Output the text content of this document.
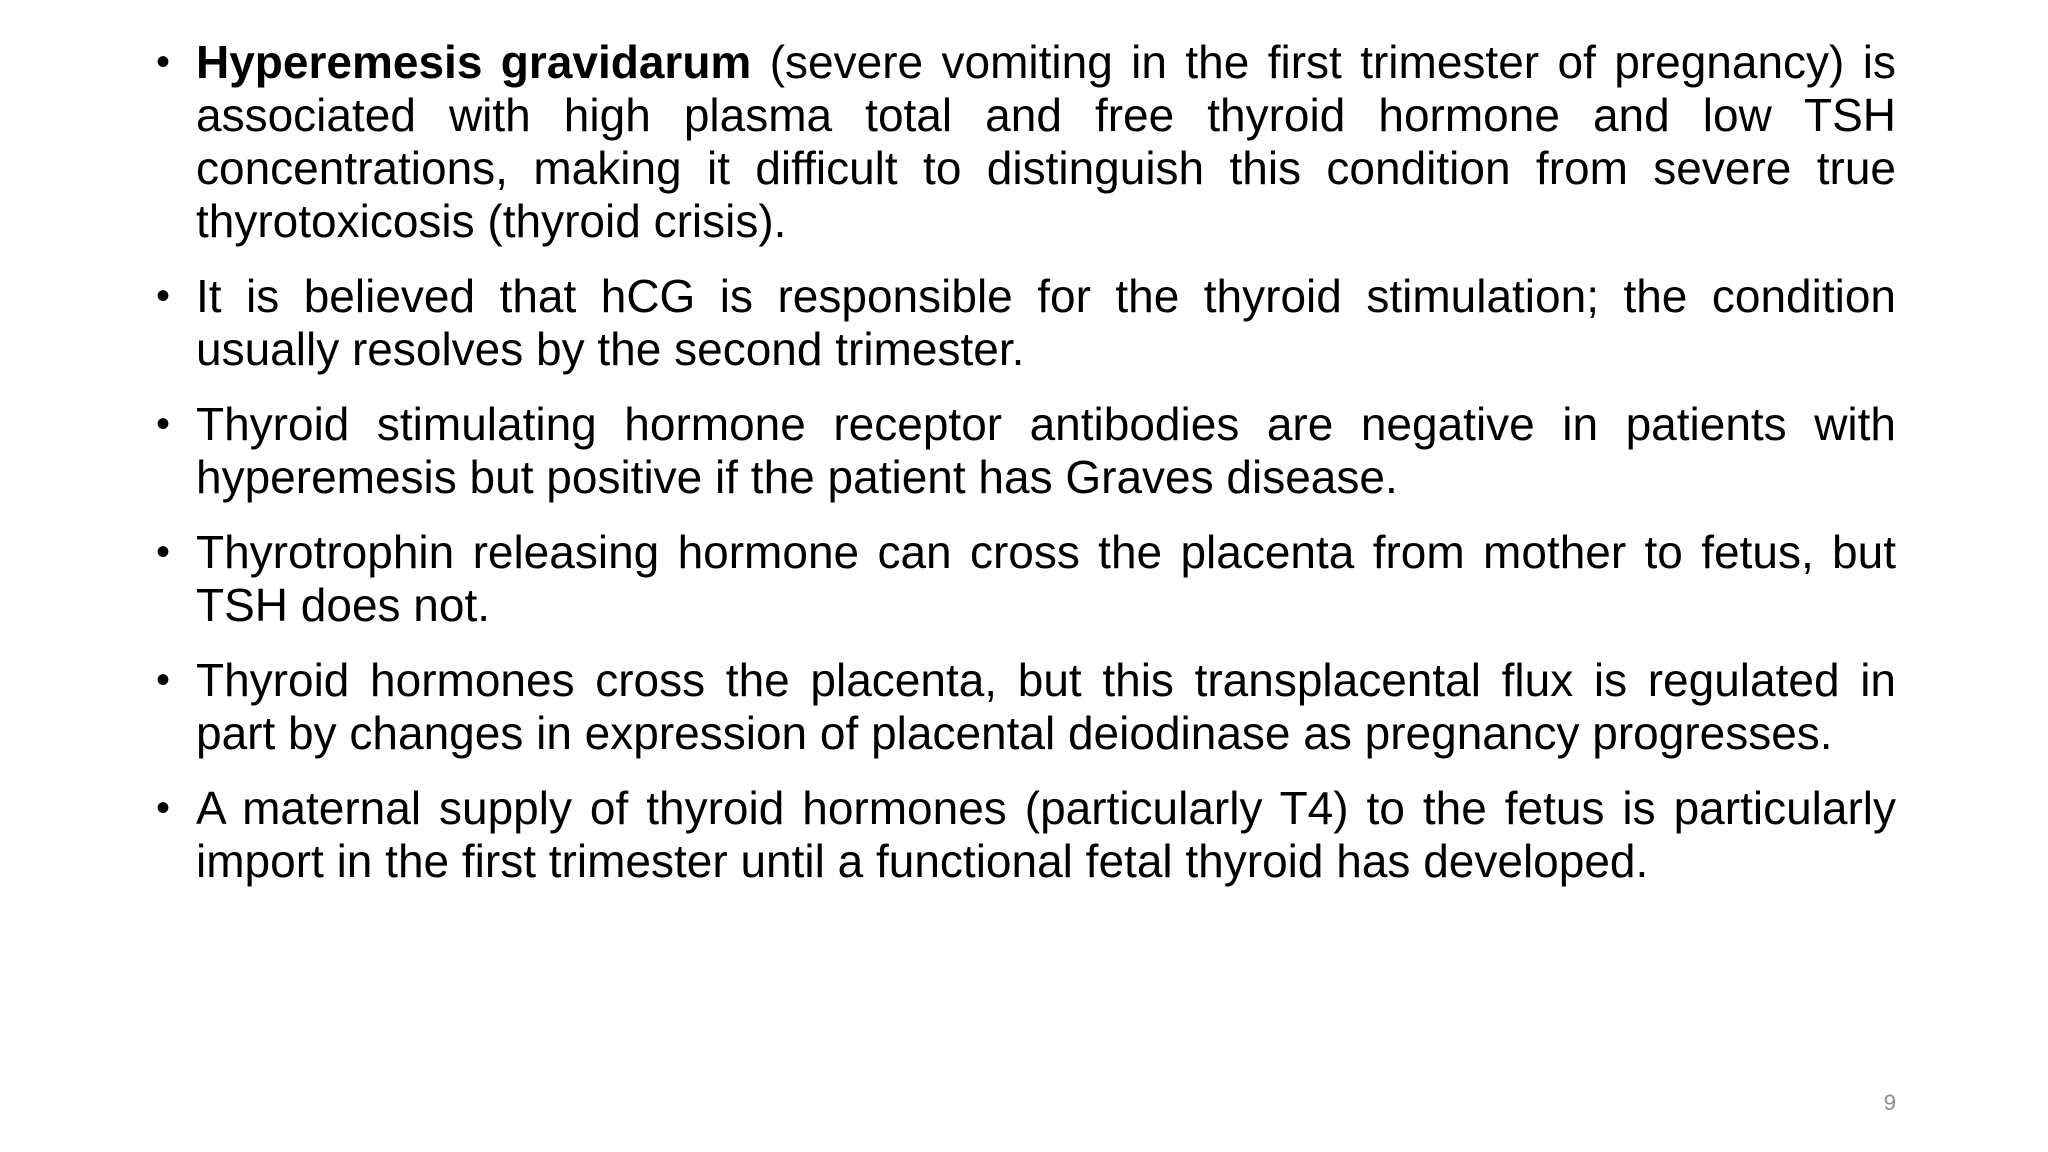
• Hyperemesis gravidarum (severe vomiting in the first trimester of pregnancy) is associated with high plasma total and free thyroid hormone and low TSH concentrations, making it difficult to distinguish this condition from severe true thyrotoxicosis (thyroid crisis).
• It is believed that hCG is responsible for the thyroid stimulation; the condition usually resolves by the second trimester.
• Thyroid stimulating hormone receptor antibodies are negative in patients with hyperemesis but positive if the patient has Graves disease.
• Thyrotrophin releasing hormone can cross the placenta from mother to fetus, but TSH does not.
• Thyroid hormones cross the placenta, but this transplacental flux is regulated in part by changes in expression of placental deiodinase as pregnancy progresses.
• A maternal supply of thyroid hormones (particularly T4) to the fetus is particularly import in the first trimester until a functional fetal thyroid has developed.
9
